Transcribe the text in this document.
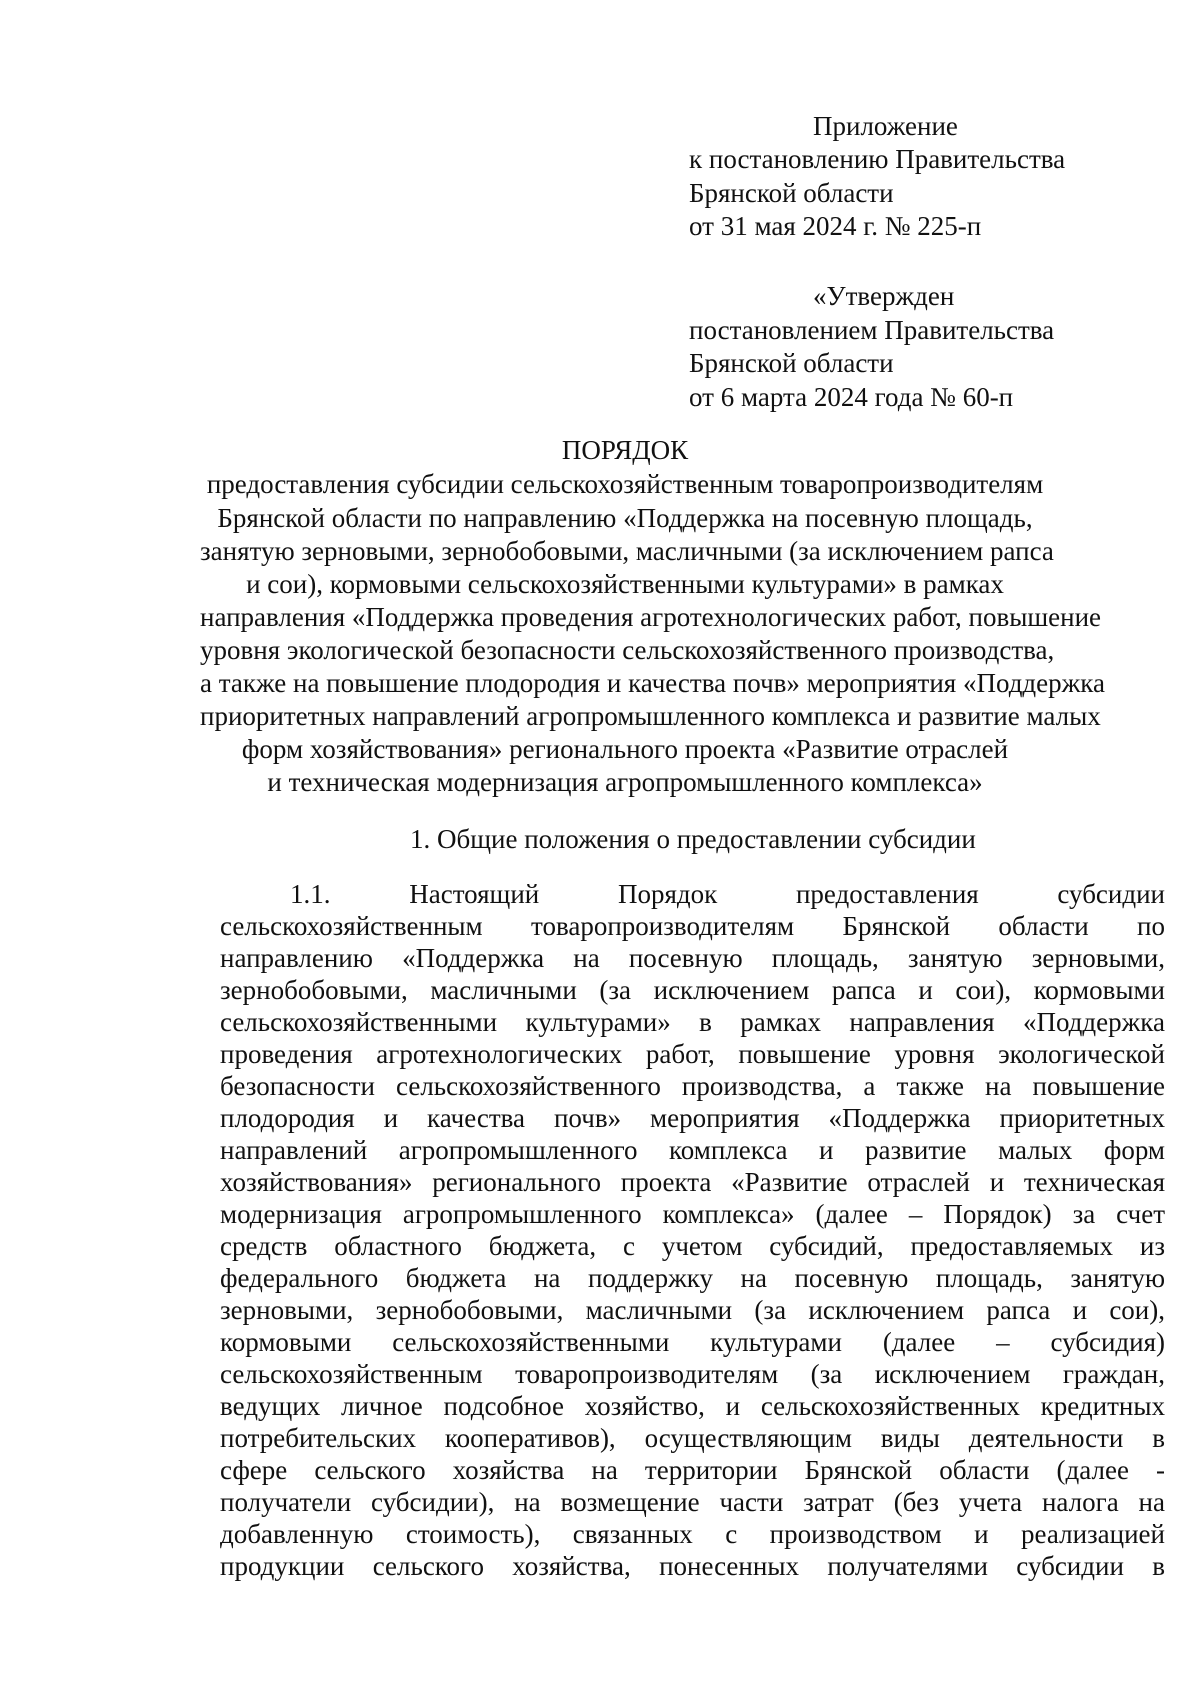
Приложение
к постановлению Правительства
Брянской области
от 31 мая 2024 г. № 225-п
«Утвержден
постановлением Правительства
Брянской области
от 6 марта 2024 года № 60-п
ПОРЯДОК
предоставления субсидии сельскохозяйственным товаропроизводителям
Брянской области по направлению «Поддержка на посевную площадь,
занятую зерновыми, зернобобовыми, масличными (за исключением рапса
и сои), кормовыми сельскохозяйственными культурами» в рамках
направления «Поддержка проведения агротехнологических работ, повышение
уровня экологической безопасности сельскохозяйственного производства,
а также на повышение плодородия и качества почв» мероприятия «Поддержка
приоритетных направлений агропромышленного комплекса и развитие малых
форм хозяйствования» регионального проекта «Развитие отраслей
и техническая модернизация агропромышленного комплекса»
1. Общие положения о предоставлении субсидии
1.1. Настоящий Порядок предоставления субсидии
сельскохозяйственным товаропроизводителям Брянской области по
направлению «Поддержка на посевную площадь, занятую зерновыми,
зернобобовыми, масличными (за исключением рапса и сои), кормовыми
сельскохозяйственными культурами» в рамках направления «Поддержка
проведения агротехнологических работ, повышение уровня экологической
безопасности сельскохозяйственного производства, а также на повышение
плодородия и качества почв» мероприятия «Поддержка приоритетных
направлений агропромышленного комплекса и развитие малых форм
хозяйствования» регионального проекта «Развитие отраслей и техническая
модернизация агропромышленного комплекса» (далее – Порядок) за счет
средств областного бюджета, с учетом субсидий, предоставляемых из
федерального бюджета на поддержку на посевную площадь, занятую
зерновыми, зернобобовыми, масличными (за исключением рапса и сои),
кормовыми сельскохозяйственными культурами (далее – субсидия)
сельскохозяйственным товаропроизводителям (за исключением граждан,
ведущих личное подсобное хозяйство, и сельскохозяйственных кредитных
потребительских кооперативов), осуществляющим виды деятельности в
сфере сельского хозяйства на территории Брянской области (далее -
получатели субсидии), на возмещение части затрат (без учета налога на
добавленную стоимость), связанных с производством и реализацией
продукции сельского хозяйства, понесенных получателями субсидии в
